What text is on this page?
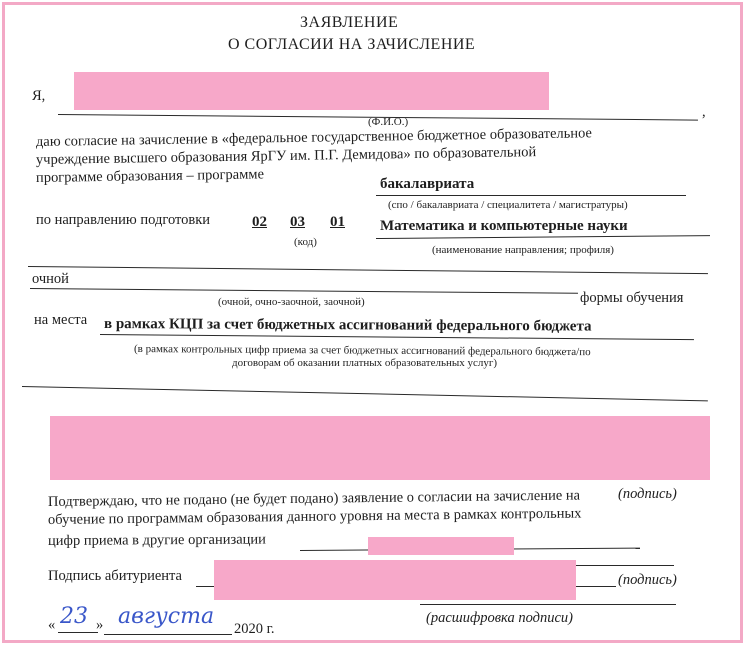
ЗАЯВЛЕНИЕ
О СОГЛАСИИ НА ЗАЧИСЛЕНИЕ
Я,
,
(Ф.И.О.)
даю согласие на зачисление в «федеральное государственное бюджетное образовательное
учреждение высшего образования ЯрГУ им. П.Г. Демидова» по образовательной
программе образования – программе	бакалавриата
(спо / бакалавриата / специалитета / магистратуры)
по направлению подготовки	02 03 01
(код)
Математика и компьютерные науки
(наименование направления; профиля)
очной
(очной, очно-заочной, заочной)	формы обучения
на места в рамках КЦП за счет бюджетных ассигнований федерального бюджета
(в рамках контрольных цифр приема за счет бюджетных ассигнований федерального бюджета/по
договорам об оказании платных образовательных услуг)
(подпись)
Подтверждаю, что не подано (не будет подано) заявление о согласии на зачисление на
обучение по программам образования данного уровня на места в рамках контрольных
цифр приема в другие организации
Подпись абитуриента	(подпись)
(расшифровка подписи)
« 23 » августа 2020 г.
